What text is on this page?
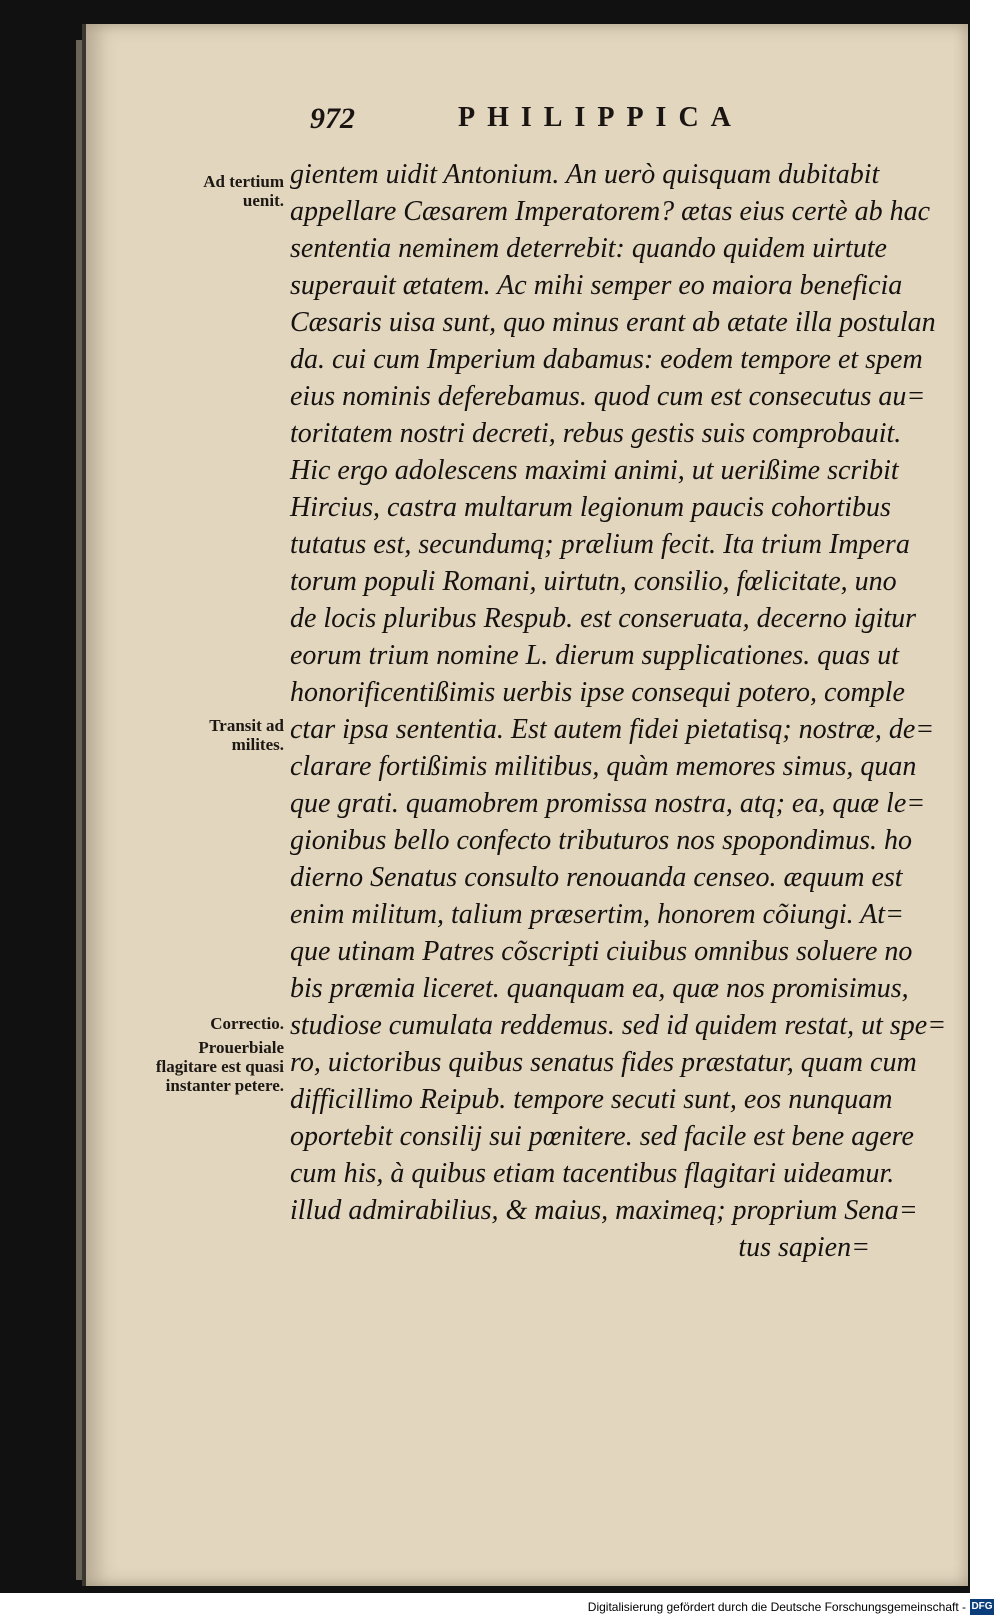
972	PHILIPPICA
Ad tertium uenit.
Transit ad milites.
Correctio.
Prouerbiale flagitare est quasi instanter petere.
gientem uidit Antonium. An uerò quisquam dubitabit
appellare Cæsarem Imperatorem? ætas eius certè ab hac
sententia neminem deterrebit: quando quidem uirtute
superauit ætatem. Ac mihi semper eo maiora beneficia
Cæsaris uisa sunt, quo minus erant ab ætate illa postulan
da. cui cum Imperium dabamus: eodem tempore et spem
eius nominis deferebamus. quod cum est consecutus au=
toritatem nostri decreti, rebus gestis suis comprobauit.
Hic ergo adolescens maximi animi, ut uerißime scribit
Hircius, castra multarum legionum paucis cohortibus
tutatus est, secundumq; prælium fecit. Ita trium Impera
torum populi Romani, uirtutn, consilio, fœlicitate, uno
de locis pluribus Respub. est conseruata, decerno igitur
eorum trium nomine L. dierum supplicationes. quas ut
honorificentißimis uerbis ipse consequi potero, comple
ctar ipsa sententia. Est autem fidei pietatisq; nostræ, de=
clarare fortißimis militibus, quàm memores simus, quan
que grati. quamobrem promissa nostra, atq; ea, quæ le=
gionibus bello confecto tributuros nos spopondimus. ho
dierno Senatus consulto renouanda censeo. æquum est
enim militum, talium præsertim, honorem cõiungi. At=
que utinam Patres cõscripti ciuibus omnibus soluere no
bis præmia liceret. quanquam ea, quæ nos promisimus,
studiose cumulata reddemus. sed id quidem restat, ut spe=
ro, uictoribus quibus senatus fides præstatur, quam cum
difficillimo Reipub. tempore secuti sunt, eos nunquam
oportebit consilij sui pœnitere. sed facile est bene agere
cum his, à quibus etiam tacentibus flagitari uideamur.
illud admirabilius, & maius, maximeq; proprium Sena=
tus sapien=
Digitalisierung gefördert durch die Deutsche Forschungsgemeinschaft - DFG
